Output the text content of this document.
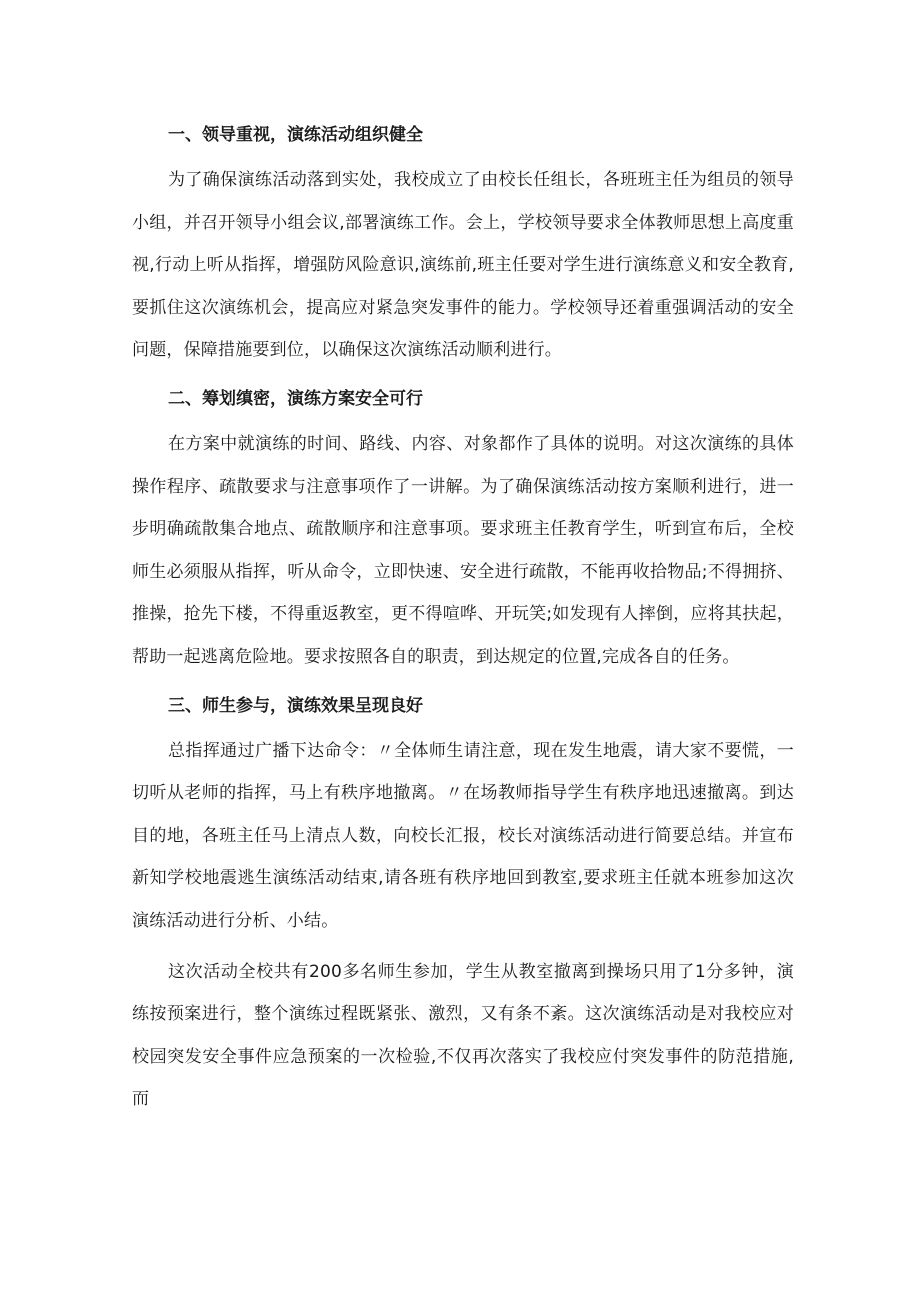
一、领导重视，演练活动组织健全

为了确保演练活动落到实处，我校成立了由校长任组长，各班班主任为组员的领导小组，并召开领导小组会议,部署演练工作。会上，学校领导要求全体教师思想上高度重视,行动上听从指挥，增强防风险意识,演练前,班主任要对学生进行演练意义和安全教育,要抓住这次演练机会，提高应对紧急突发事件的能力。学校领导还着重强调活动的安全问题，保障措施要到位，以确保这次演练活动顺利进行。

二、筹划缜密，演练方案安全可行

在方案中就演练的时间、路线、内容、对象都作了具体的说明。对这次演练的具体操作程序、疏散要求与注意事项作了一讲解。为了确保演练活动按方案顺利进行，进一步明确疏散集合地点、疏散顺序和注意事项。要求班主任教育学生，听到宣布后，全校师生必须服从指挥，听从命令，立即快速、安全进行疏散，不能再收拾物品;不得拥挤、推操，抢先下楼，不得重返教室，更不得喧哗、开玩笑;如发现有人摔倒，应将其扶起，帮助一起逃离危险地。要求按照各自的职责，到达规定的位置,完成各自的任务。

三、师生参与，演练效果呈现良好

总指挥通过广播下达命令：〃全体师生请注意，现在发生地震，请大家不要慌，一切听从老师的指挥，马上有秩序地撤离。〃在场教师指导学生有秩序地迅速撤离。到达目的地，各班主任马上清点人数，向校长汇报，校长对演练活动进行简要总结。并宣布新知学校地震逃生演练活动结束,请各班有秩序地回到教室,要求班主任就本班参加这次演练活动进行分析、小结。

这次活动全校共有200多名师生参加，学生从教室撤离到操场只用了1分多钟，演练按预案进行，整个演练过程既紧张、激烈，又有条不紊。这次演练活动是对我校应对校园突发安全事件应急预案的一次检验,不仅再次落实了我校应付突发事件的防范措施,而
